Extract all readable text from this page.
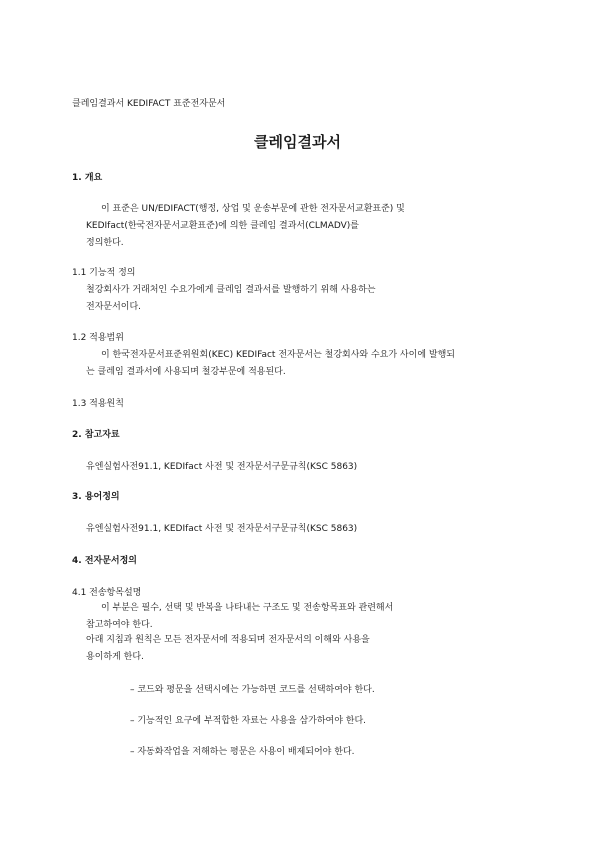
클레임결과서 KEDIFACT 표준전자문서

클레임결과서

1. 개요

이 표준은 UN/EDIFACT(행정, 상업 및 운송부문에 관한 전자문서교환표준) 및

KEDIfact(한국전자문서교환표준)에 의한 클레임 결과서(CLMADV)를

정의한다.

1.1 기능적 정의

철강회사가 거래처인 수요가에게 클레임 결과서를 발행하기 위해 사용하는

전자문서이다.

1.2 적용범위

이 한국전자문서표준위원회(KEC) KEDIFact 전자문서는 철강회사와 수요가 사이에 발행되

는 클레임 결과서에 사용되며 철강부문에 적용된다.

1.3 적용원칙

2. 참고자료

유엔실험사전91.1, KEDIfact 사전 및 전자문서구문규칙(KSC 5863)

3. 용어정의

유엔실험사전91.1, KEDIfact 사전 및 전자문서구문규칙(KSC 5863)

4. 전자문서정의

4.1 전송항목설명

이 부분은 필수, 선택 및 반복을 나타내는 구조도 및 전송항목표와 관련해서

참고하여야 한다.

아래 지침과 원칙은 모든 전자문서에 적용되며 전자문서의 이해와 사용을

용이하게 한다.

– 코드와 평문을 선택시에는 가능하면 코드를 선택하여야 한다.

– 기능적인 요구에 부적합한 자료는 사용을 삼가하여야 한다.

– 자동화작업을 저해하는 평문은 사용이 배제되어야 한다.
